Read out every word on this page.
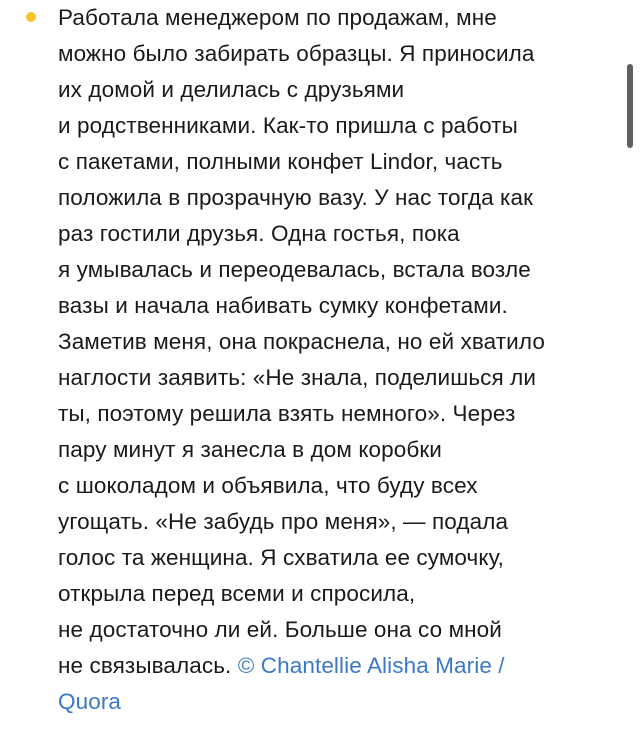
Работала менеджером по продажам, мне
можно было забирать образцы. Я приносила
их домой и делилась с друзьями
и родственниками. Как-то пришла с работы
с пакетами, полными конфет Lindor, часть
положила в прозрачную вазу. У нас тогда как
раз гостили друзья. Одна гостья, пока
я умывалась и переодевалась, встала возле
вазы и начала набивать сумку конфетами.
Заметив меня, она покраснела, но ей хватило
наглости заявить: «Не знала, поделишься ли
ты, поэтому решила взять немного». Через
пару минут я занесла в дом коробки
с шоколадом и объявила, что буду всех
угощать. «Не забудь про меня», — подала
голос та женщина. Я схватила ее сумочку,
открыла перед всеми и спросила,
не достаточно ли ей. Больше она со мной
не связывалась. © Chantellie Alisha Marie /
Quora
